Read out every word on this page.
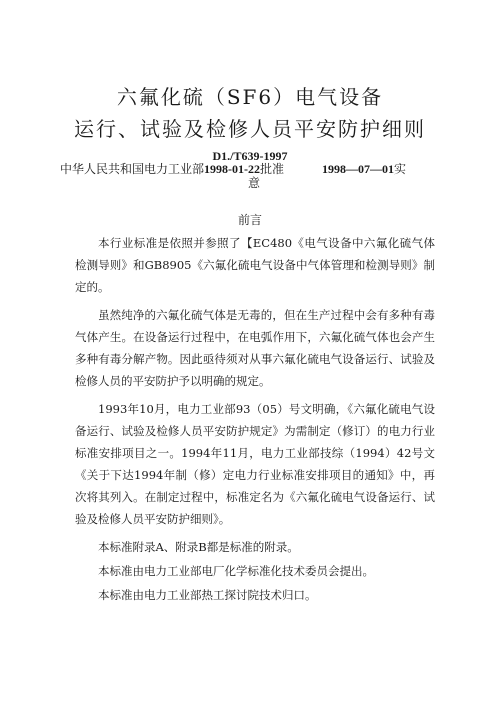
六氟化硫（SF6）电气设备
运行、试验及检修人员平安防护细则
D1./T639-1997
中华人民共和国电力工业部1998-01-22批准	1998—07—01实
意
前言

本行业标准是依照并参照了【EC480《电气设备中六氟化硫气体检测导则》和GB8905《六氟化硫电气设备中气体管理和检测导则》制定的。

虽然纯净的六氟化硫气体是无毒的，但在生产过程中会有多种有毒气体产生。在设备运行过程中，在电弧作用下，六氟化硫气体也会产生多种有毒分解产物。因此亟待须对从事六氟化硫电气设备运行、试验及检修人员的平安防护予以明确的规定。

1993年10月，电力工业部93（05）号文明确，《六氟化硫电气设备运行、试验及检修人员平安防护规定》为需制定（修订）的电力行业标准安排项目之一。1994年11月，电力工业部技综（1994）42号文《关于下达1994年制（修）定电力行业标准安排项目的通知》中，再次将其列入。在制定过程中，标准定名为《六氟化硫电气设备运行、试验及检修人员平安防护细则》。

本标准附录A、附录B都是标准的附录。

本标准由电力工业部电厂化学标准化技术委员会提出。

本标准由电力工业部热工探讨院技术归口。
